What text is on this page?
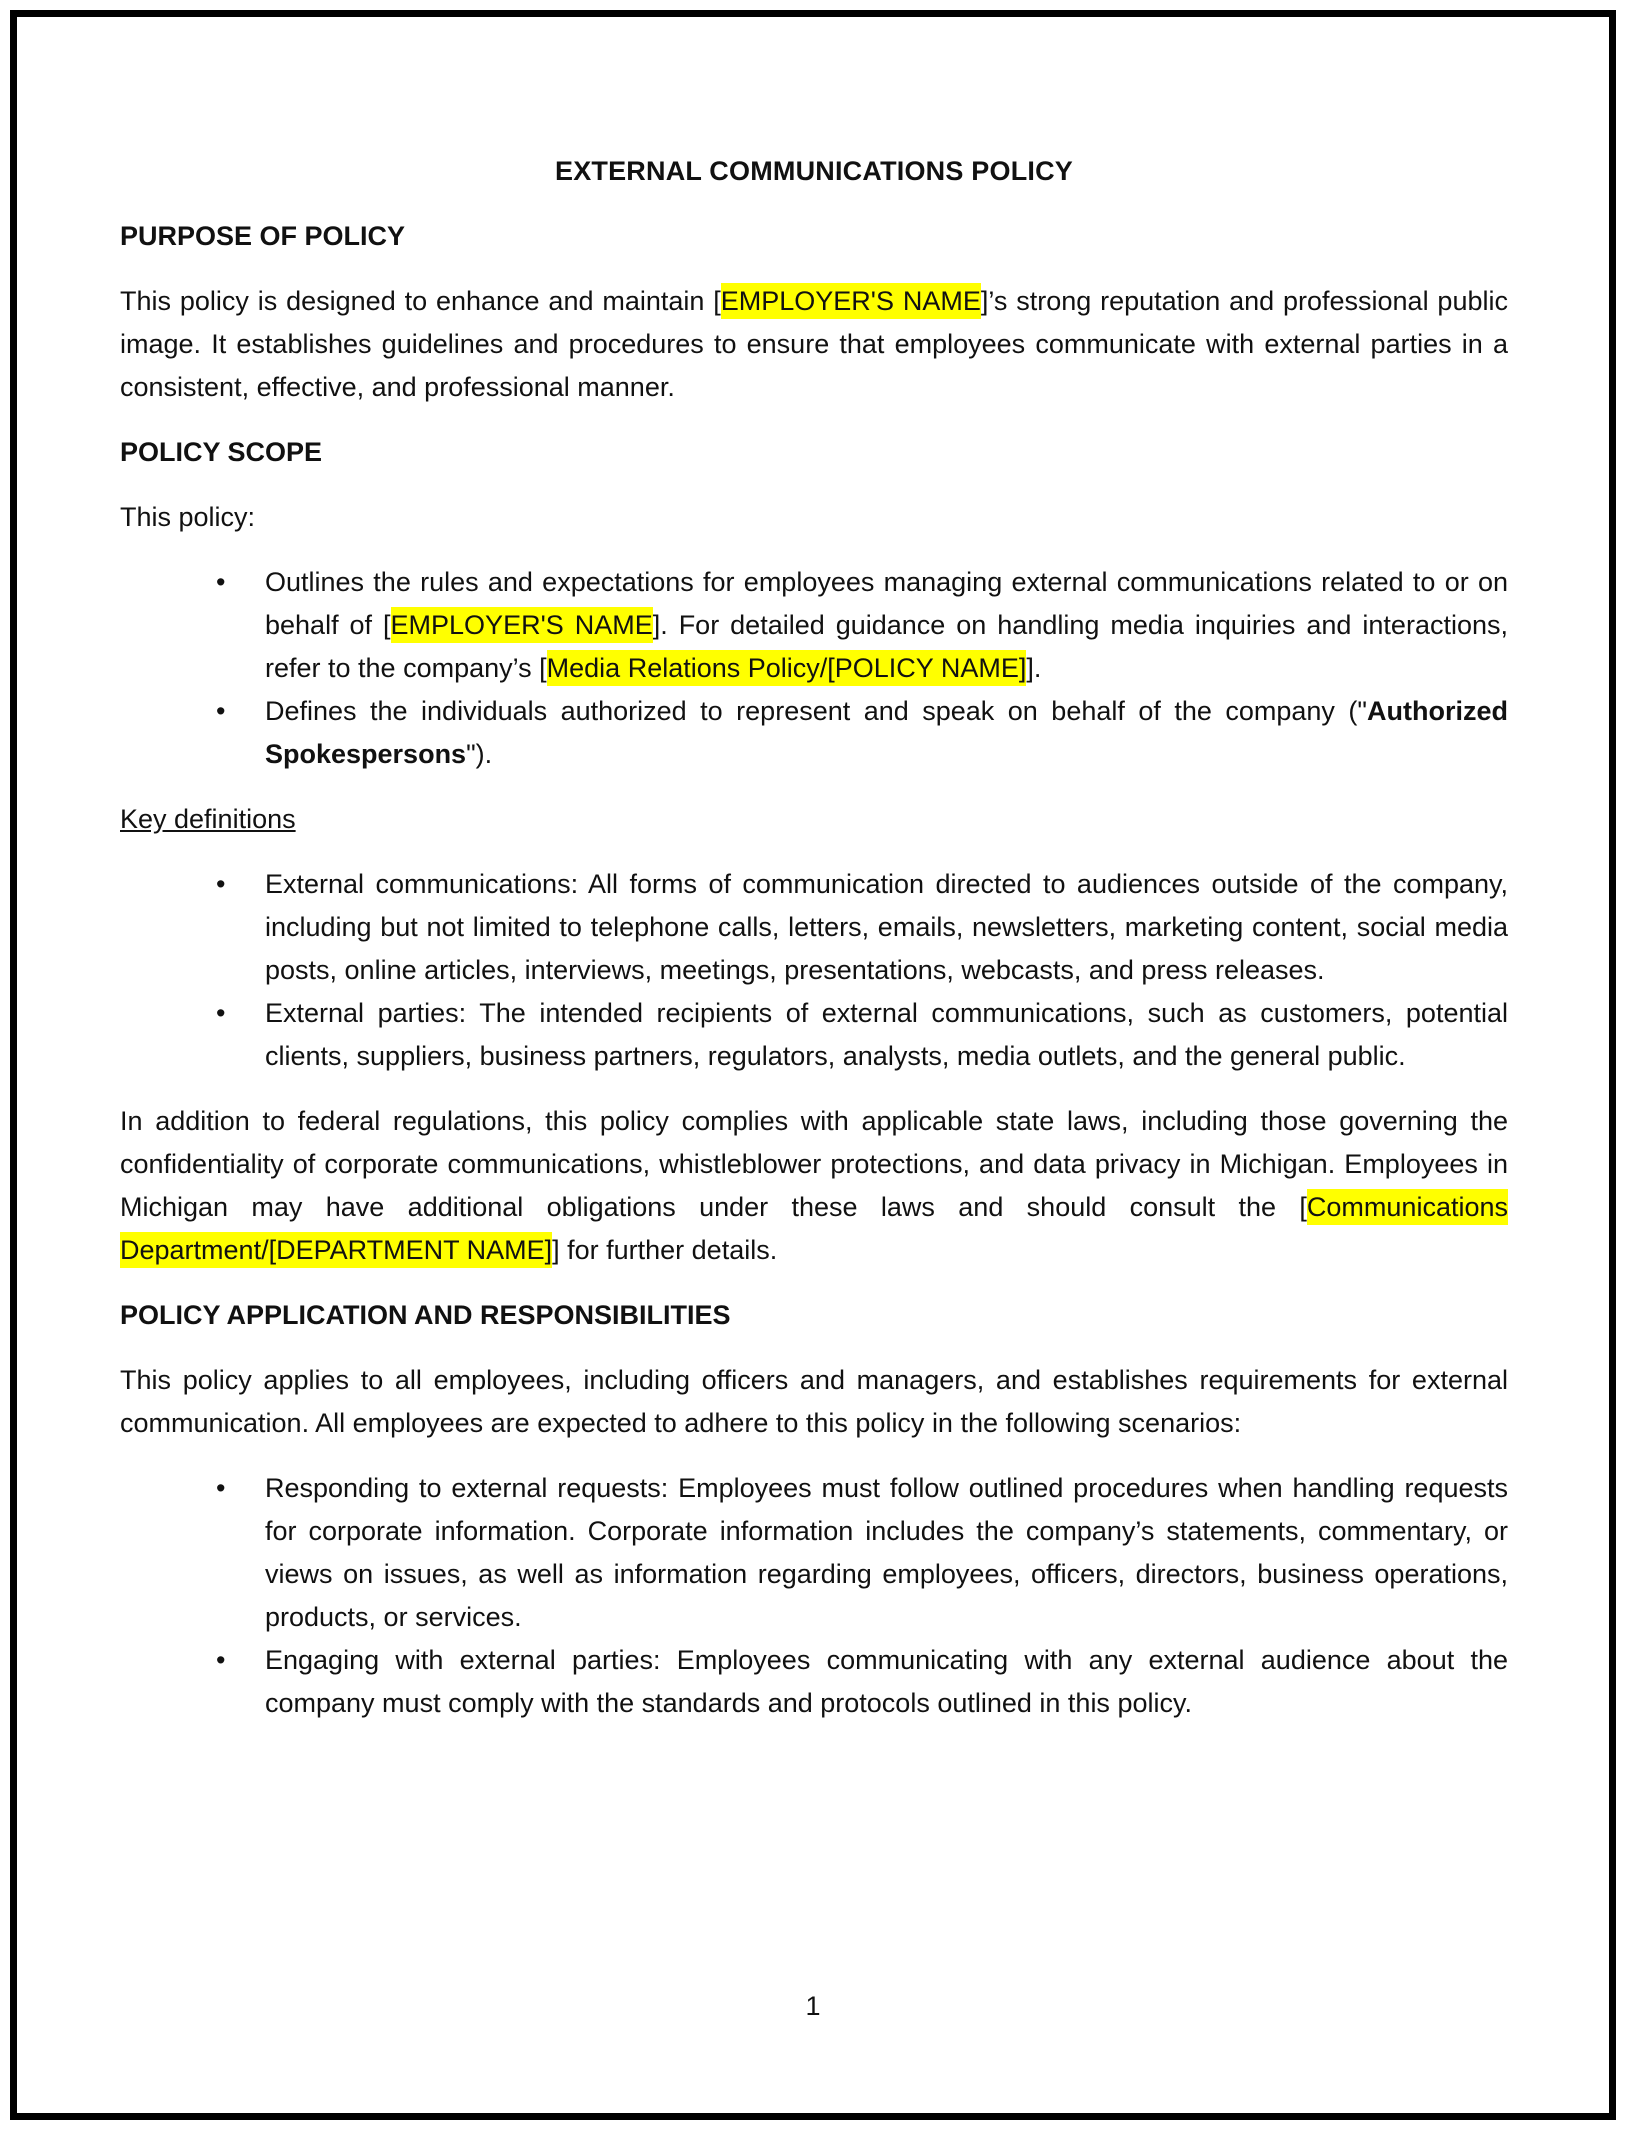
EXTERNAL COMMUNICATIONS POLICY
PURPOSE OF POLICY

This policy is designed to enhance and maintain [EMPLOYER'S NAME]’s strong reputation and professional public image. It establishes guidelines and procedures to ensure that employees communicate with external parties in a consistent, effective, and professional manner.

POLICY SCOPE

This policy:

• Outlines the rules and expectations for employees managing external communications related to or on behalf of [EMPLOYER'S NAME]. For detailed guidance on handling media inquiries and interactions, refer to the company’s [Media Relations Policy/[POLICY NAME]].
• Defines the individuals authorized to represent and speak on behalf of the company ("Authorized Spokespersons").
Key definitions
• External communications: All forms of communication directed to audiences outside of the company, including but not limited to telephone calls, letters, emails, newsletters, marketing content, social media posts, online articles, interviews, meetings, presentations, webcasts, and press releases.
• External parties: The intended recipients of external communications, such as customers, potential clients, suppliers, business partners, regulators, analysts, media outlets, and the general public.

In addition to federal regulations, this policy complies with applicable state laws, including those governing the confidentiality of corporate communications, whistleblower protections, and data privacy in Michigan. Employees in Michigan may have additional obligations under these laws and should consult the [Communications Department/[DEPARTMENT NAME]] for further details.

POLICY APPLICATION AND RESPONSIBILITIES

This policy applies to all employees, including officers and managers, and establishes requirements for external communication. All employees are expected to adhere to this policy in the following scenarios:

• Responding to external requests: Employees must follow outlined procedures when handling requests for corporate information. Corporate information includes the company’s statements, commentary, or views on issues, as well as information regarding employees, officers, directors, business operations, products, or services.
• Engaging with external parties: Employees communicating with any external audience about the company must comply with the standards and protocols outlined in this policy.
1
